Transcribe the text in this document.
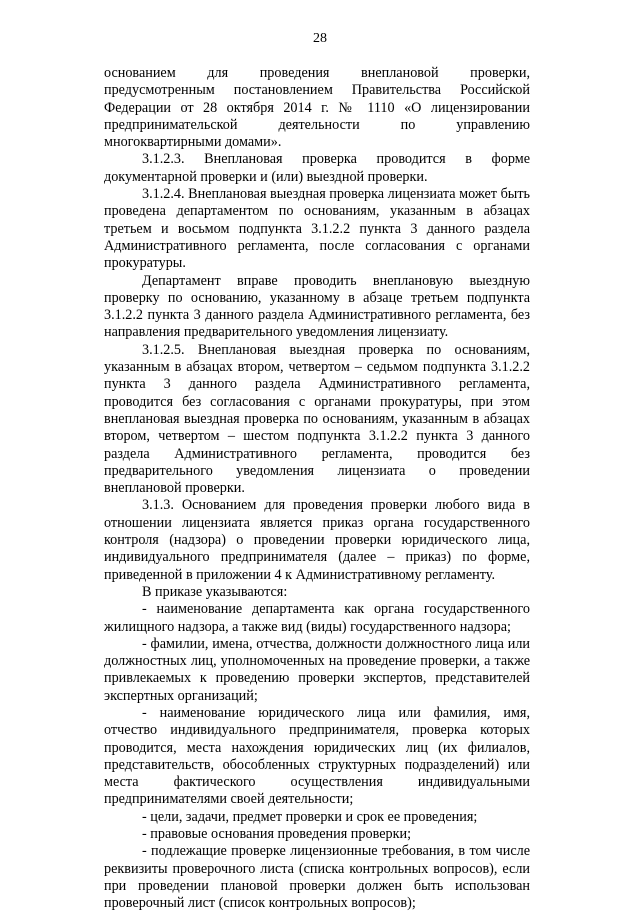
28

основанием для проведения внеплановой проверки, предусмотренным постановлением Правительства Российской Федерации от 28 октября 2014 г. № 1110 «О лицензировании предпринимательской деятельности по управлению многоквартирными домами».

3.1.2.3. Внеплановая проверка проводится в форме документарной проверки и (или) выездной проверки.

3.1.2.4. Внеплановая выездная проверка лицензиата может быть проведена департаментом по основаниям, указанным в абзацах третьем и восьмом подпункта 3.1.2.2 пункта 3 данного раздела Административного регламента, после согласования с органами прокуратуры.

Департамент вправе проводить внеплановую выездную проверку по основанию, указанному в абзаце третьем подпункта 3.1.2.2 пункта 3 данного раздела Административного регламента, без направления предварительного уведомления лицензиату.

3.1.2.5. Внеплановая выездная проверка по основаниям, указанным в абзацах втором, четвертом – седьмом подпункта 3.1.2.2 пункта 3 данного раздела Административного регламента, проводится без согласования с органами прокуратуры, при этом внеплановая выездная проверка по основаниям, указанным в абзацах втором, четвертом – шестом подпункта 3.1.2.2 пункта 3 данного раздела Административного регламента, проводится без предварительного уведомления лицензиата о проведении внеплановой проверки.

3.1.3. Основанием для проведения проверки любого вида в отношении лицензиата является приказ органа государственного контроля (надзора) о проведении проверки юридического лица, индивидуального предпринимателя (далее – приказ) по форме, приведенной в приложении 4 к Административному регламенту.

В приказе указываются:

- наименование департамента как органа государственного жилищного надзора, а также вид (виды) государственного надзора;

- фамилии, имена, отчества, должности должностного лица или должностных лиц, уполномоченных на проведение проверки, а также привлекаемых к проведению проверки экспертов, представителей экспертных организаций;

- наименование юридического лица или фамилия, имя, отчество индивидуального предпринимателя, проверка которых проводится, места нахождения юридических лиц (их филиалов, представительств, обособленных структурных подразделений) или места фактического осуществления индивидуальными предпринимателями своей деятельности;

- цели, задачи, предмет проверки и срок ее проведения;

- правовые основания проведения проверки;

- подлежащие проверке лицензионные требования, в том числе реквизиты проверочного листа (списка контрольных вопросов), если при проведении плановой проверки должен быть использован проверочный лист (список контрольных вопросов);
